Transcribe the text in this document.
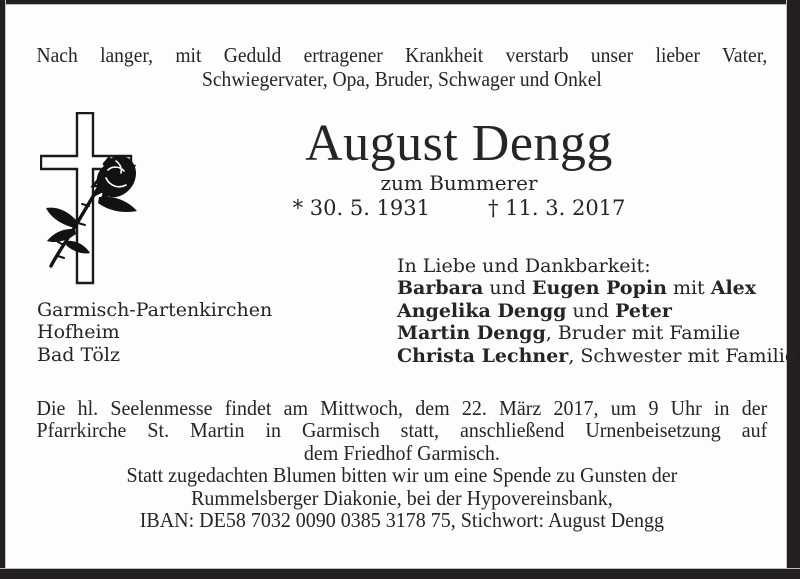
Nach langer, mit Geduld ertragener Krankheit verstarb unser lieber Vater,
Schwiegervater, Opa, Bruder, Schwager und Onkel
August Dengg
zum Bummerer
* 30. 5. 1931	† 11. 3. 2017
Garmisch-Partenkirchen
Hofheim
Bad Tölz
In Liebe und Dankbarkeit:
Barbara und Eugen Popin mit Alex
Angelika Dengg und Peter
Martin Dengg, Bruder mit Familie
Christa Lechner, Schwester mit Familie
Die hl. Seelenmesse findet am Mittwoch, dem 22. März 2017, um 9 Uhr in der
Pfarrkirche St. Martin in Garmisch statt, anschließend Urnenbeisetzung auf
dem Friedhof Garmisch.
Statt zugedachten Blumen bitten wir um eine Spende zu Gunsten der
Rummelsberger Diakonie, bei der Hypovereinsbank,
IBAN: DE58 7032 0090 0385 3178 75, Stichwort: August Dengg
